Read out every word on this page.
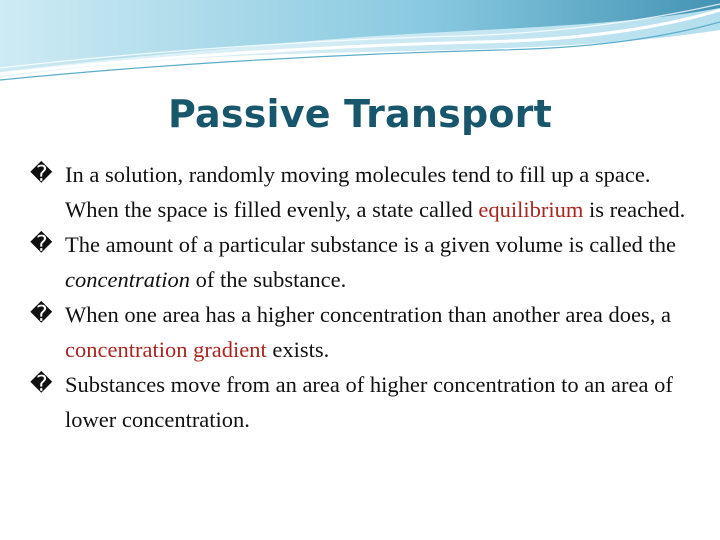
Passive Transport
� In a solution, randomly moving molecules tend to fill up a space. When the space is filled evenly, a state called equilibrium is reached.
� The amount of a particular substance is a given volume is called the concentration of the substance.
� When one area has a higher concentration than another area does, a concentration gradient exists.
� Substances move from an area of higher concentration to an area of lower concentration.
